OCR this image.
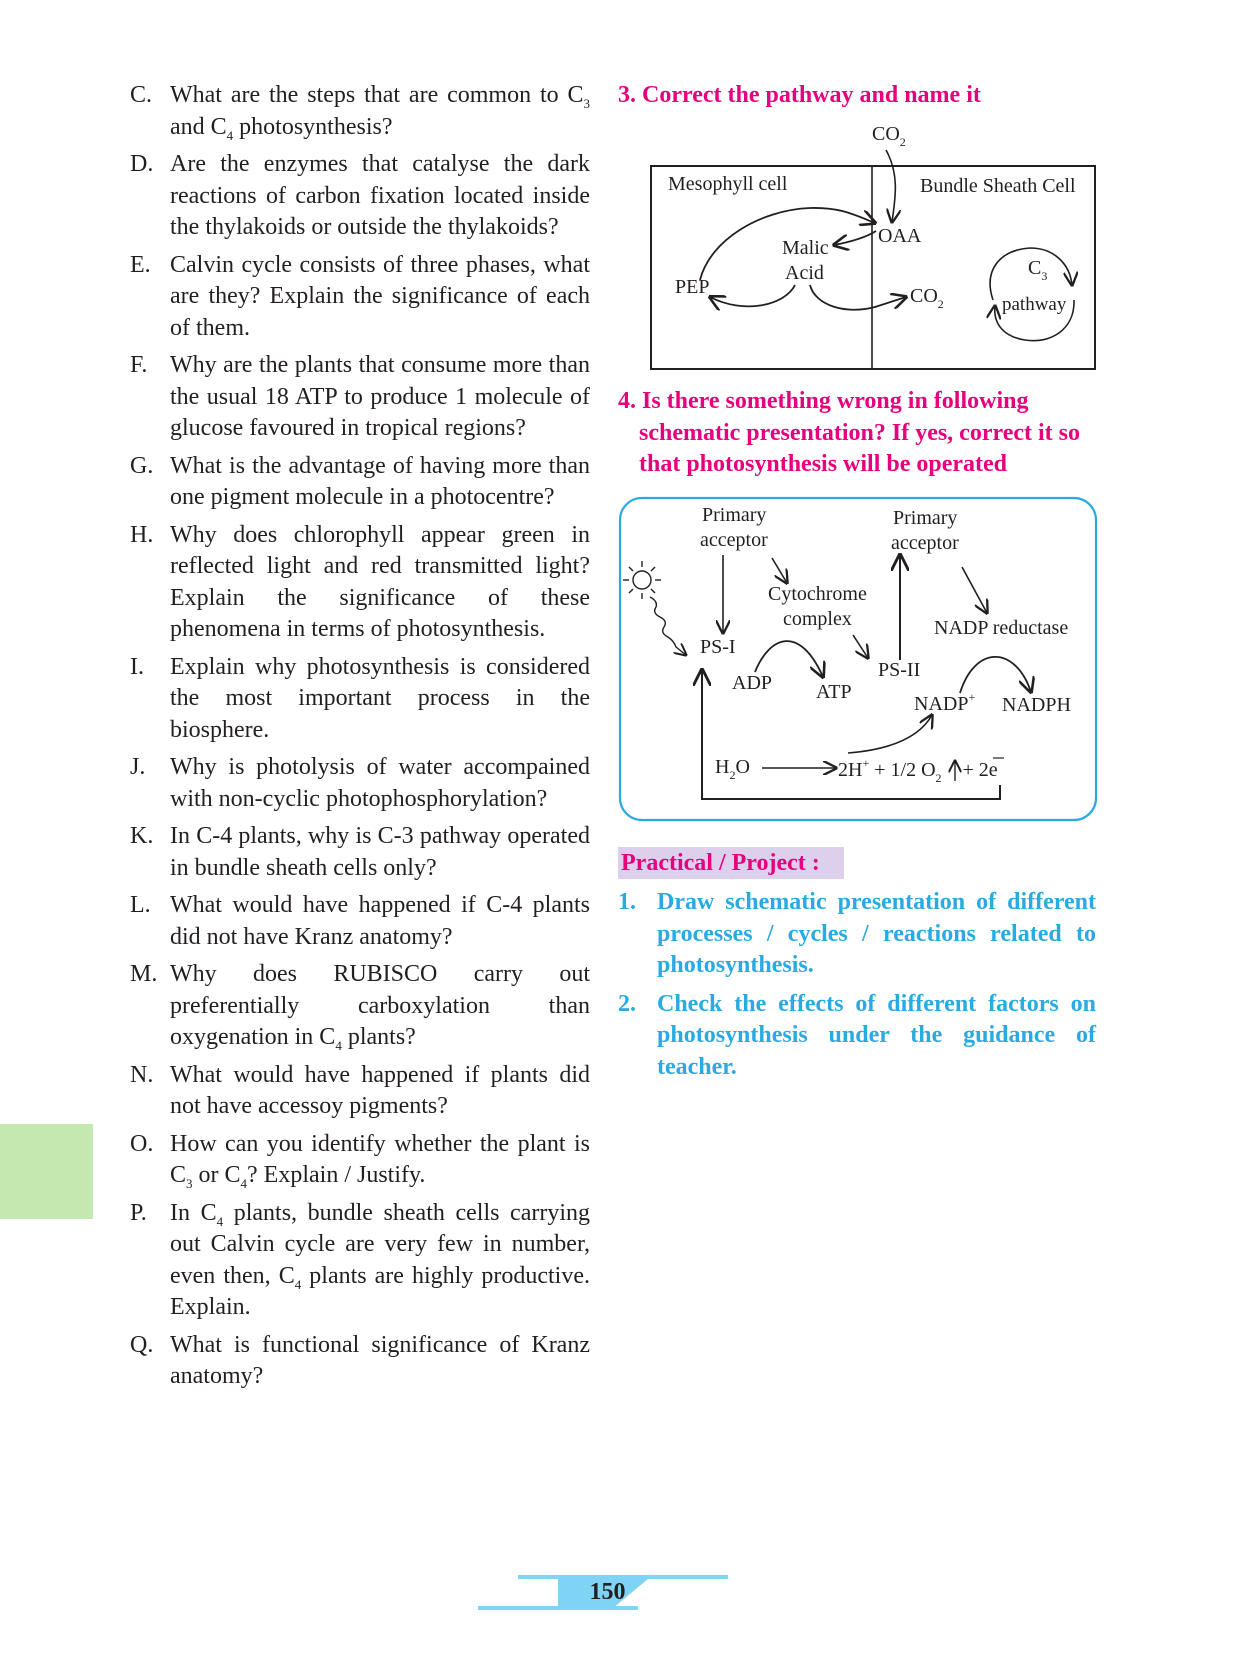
C. What are the steps that are common to $C_3$ and $C_4$ photosynthesis?
D. Are the enzymes that catalyse the dark reactions of carbon fixation located inside the thylakoids or outside the thylakoids?
E. Calvin cycle consists of three phases, what are they? Explain the significance of each of them.
F. Why are the plants that consume more than the usual 18 ATP to produce 1 molecule of glucose favoured in tropical regions?
G. What is the advantage of having more than one pigment molecule in a photocentre?
H. Why does chlorophyll appear green in reflected light and red transmitted light? Explain the significance of these phenomena in terms of photosynthesis.
I. Explain why photosynthesis is considered the most important process in the biosphere.
J. Why is photolysis of water accompained with non-cyclic photophosphorylation?
K. In C-4 plants, why is C-3 pathway operated in bundle sheath cells only?
L. What would have happened if C-4 plants did not have Kranz anatomy?
M. Why does RUBISCO carry out preferentially carboxylation than oxygenation in $C_4$ plants?
N. What would have happened if plants did not have accessoy pigments?
O. How can you identify whether the plant is $C_3$ or $C_4$? Explain / Justify.
P. In $C_4$ plants, bundle sheath cells carrying out Calvin cycle are very few in number, even then, $C_4$ plants are highly productive. Explain.
Q. What is functional significance of Kranz anatomy?
3. Correct the pathway and name it
$CO_2$
Mesophyll cell	Bundle Sheath Cell
OAA
Malic
Acid
PEP	$CO_2$
$C_3$
pathway
4. Is there something wrong in following schematic presentation? If yes, correct it so that photosynthesis will be operated
Primary
acceptor
Primary
acceptor
Cytochrome
complex
PS-I
PS-II
ADP ATP
NADP reductase
NADP+ NADPH
$H_2O$	2H+ + 1/2 $O_2 + 2e$
Practical / Project :
1. Draw schematic presentation of different processes / cycles / reactions related to photosynthesis.
2. Check the effects of different factors on photosynthesis under the guidance of teacher.
150
